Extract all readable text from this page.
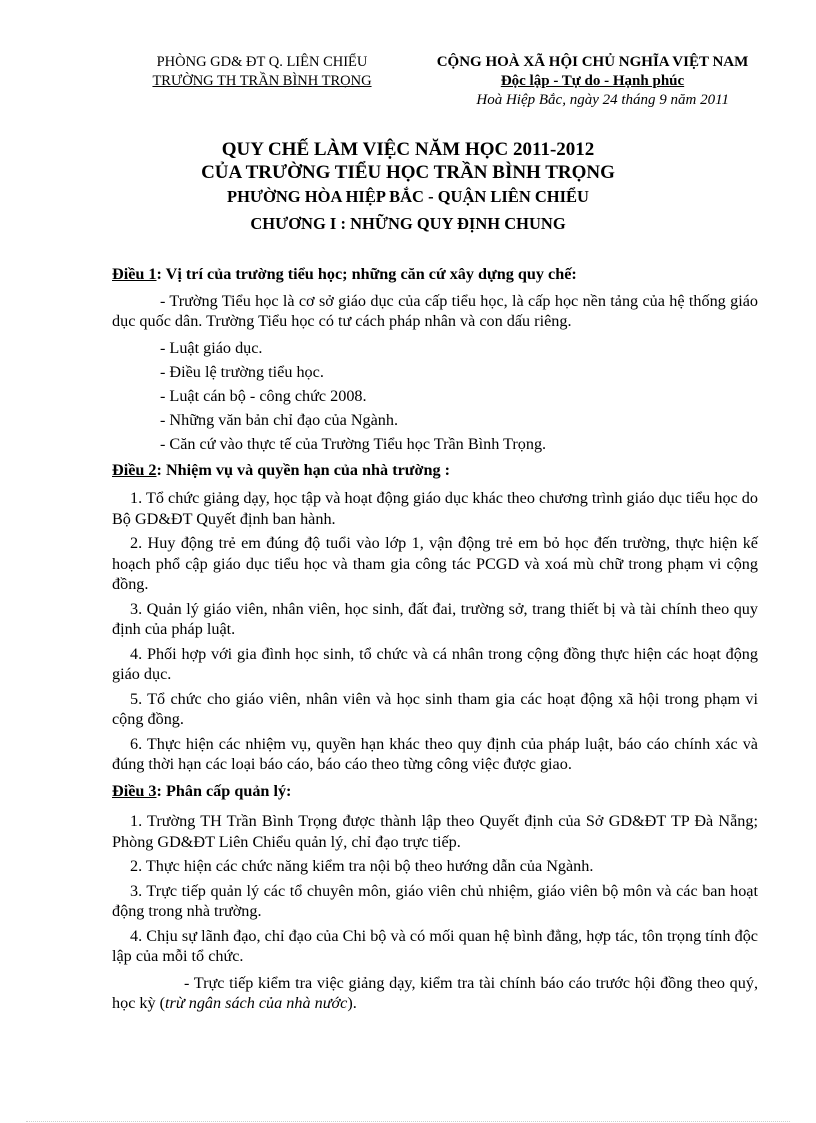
PHÒNG GD& ĐT Q. LIÊN CHIỂU
TRƯỜNG TH TRẦN BÌNH TRỌNG
CỘNG HOÀ XÃ HỘI CHỦ NGHĨA VIỆT NAM
Độc lập - Tự do - Hạnh phúc
Hoà Hiệp Bắc, ngày 24 tháng 9 năm 2011
QUY CHẾ LÀM VIỆC NĂM HỌC 2011-2012
CỦA TRƯỜNG TIỂU HỌC TRẦN BÌNH TRỌNG
PHƯỜNG HÒA HIỆP BẮC - QUẬN LIÊN CHIỂU
CHƯƠNG I : NHỮNG QUY ĐỊNH CHUNG

Điều 1: Vị trí của trường tiểu học; những căn cứ xây dựng quy chế:

- Trường Tiểu học là cơ sở giáo dục của cấp tiểu học, là cấp học nền tảng của hệ thống giáo dục quốc dân. Trường Tiểu học có tư cách pháp nhân và con dấu riêng.

- Luật giáo dục.

- Điều lệ trường tiểu học.

- Luật cán bộ - công chức 2008.

- Những văn bản chỉ đạo của Ngành.

- Căn cứ vào thực tế của Trường Tiểu học Trần Bình Trọng.

Điều 2: Nhiệm vụ và quyền hạn của nhà trường :

1. Tổ chức giảng dạy, học tập và hoạt động giáo dục khác theo chương trình giáo dục tiểu học do Bộ GD&ĐT Quyết định ban hành.

2. Huy động trẻ em đúng độ tuổi vào lớp 1, vận động trẻ em bỏ học đến trường, thực hiện kế hoạch phổ cập giáo dục tiểu học và tham gia công tác PCGD và xoá mù chữ trong phạm vi cộng đồng.

3. Quản lý giáo viên, nhân viên, học sinh, đất đai, trường sở, trang thiết bị và tài chính theo quy định của pháp luật.

4. Phối hợp với gia đình học sinh, tổ chức và cá nhân trong cộng đồng thực hiện các hoạt động giáo dục.

5. Tổ chức cho giáo viên, nhân viên và học sinh tham gia các hoạt động xã hội trong phạm vi cộng đồng.

6. Thực hiện các nhiệm vụ, quyền hạn khác theo quy định của pháp luật, báo cáo chính xác và đúng thời hạn các loại báo cáo, báo cáo theo từng công việc được giao.

Điều 3: Phân cấp quản lý:

1. Trường TH Trần Bình Trọng được thành lập theo Quyết định của Sở GD&ĐT TP Đà Nẵng; Phòng GD&ĐT Liên Chiểu quản lý, chỉ đạo trực tiếp.

2. Thực hiện các chức năng kiểm tra nội bộ theo hướng dẫn của Ngành.

3. Trực tiếp quản lý các tổ chuyên môn, giáo viên chủ nhiệm, giáo viên bộ môn và các ban hoạt động trong nhà trường.

4. Chịu sự lãnh đạo, chỉ đạo của Chi bộ và có mối quan hệ bình đẳng, hợp tác, tôn trọng tính độc lập của mỗi tổ chức.

- Trực tiếp kiểm tra việc giảng dạy, kiểm tra tài chính báo cáo trước hội đồng theo quý, học kỳ (trừ ngân sách của nhà nước).
